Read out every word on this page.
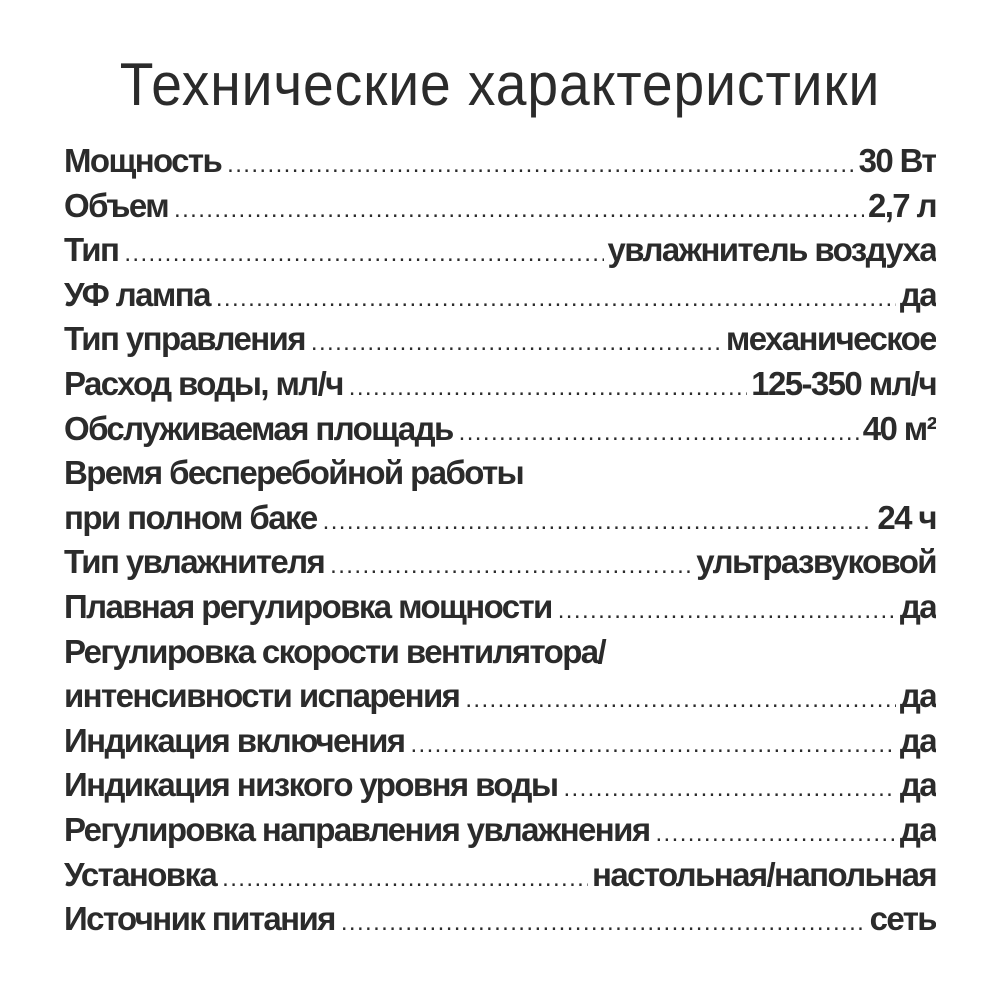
Технические характеристики
Мощность .....	30 Вт
Объем .....	2,7 л
Тип .....	увлажнитель воздуха
УФ лампа .....	да
Тип управления .....	механическое
Расход воды, мл/ч .....	125-350 мл/ч
Обслуживаемая площадь .....	40 м²
Время бесперебойной работы
при полном баке .....	24 ч
Тип увлажнителя .....	ультразвуковой
Плавная регулировка мощности .....	да
Регулировка скорости вентилятора/
интенсивности испарения .....	да
Индикация включения .....	да
Индикация низкого уровня воды .....	да
Регулировка направления увлажнения .....	да
Установка .....	настольная/напольная
Источник питания .....	сеть
